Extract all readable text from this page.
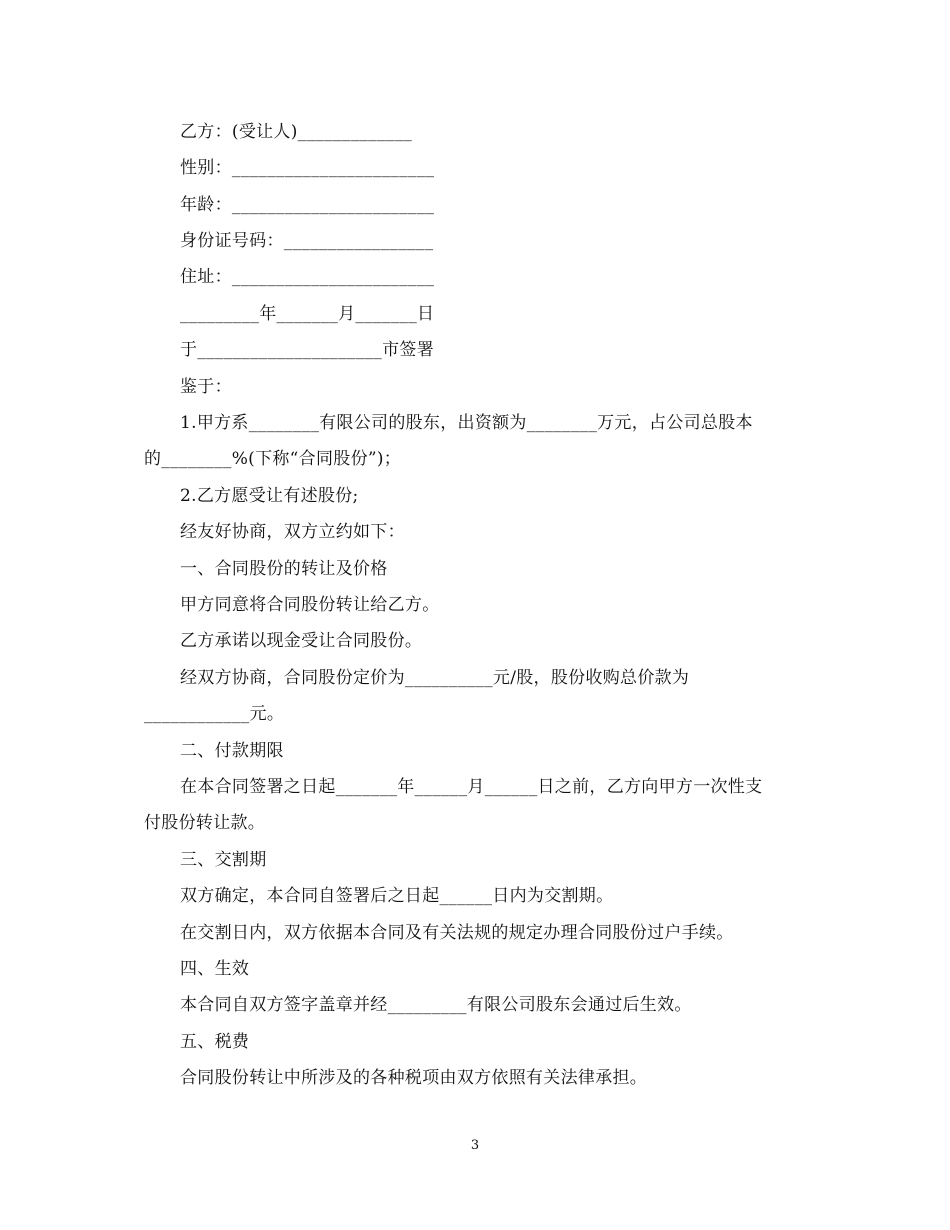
乙方：(受让人)_____________
性别：_______________________
年龄：_______________________
身份证号码：_________________
住址：_______________________
_________年_______月_______日
于_____________________市签署
鉴于：
1.甲方系________有限公司的股东，出资额为________万元，占公司总股本
的________%(下称“合同股份”)；
2.乙方愿受让有述股份;
经友好协商，双方立约如下：
一、合同股份的转让及价格
甲方同意将合同股份转让给乙方。
乙方承诺以现金受让合同股份。
经双方协商，合同股份定价为__________元/股，股份收购总价款为
____________元。
二、付款期限
在本合同签署之日起_______年______月______日之前，乙方向甲方一次性支
付股份转让款。
三、交割期
双方确定，本合同自签署后之日起______日内为交割期。
在交割日内，双方依据本合同及有关法规的规定办理合同股份过户手续。
四、生效
本合同自双方签字盖章并经_________有限公司股东会通过后生效。
五、税费
合同股份转让中所涉及的各种税项由双方依照有关法律承担。
3
